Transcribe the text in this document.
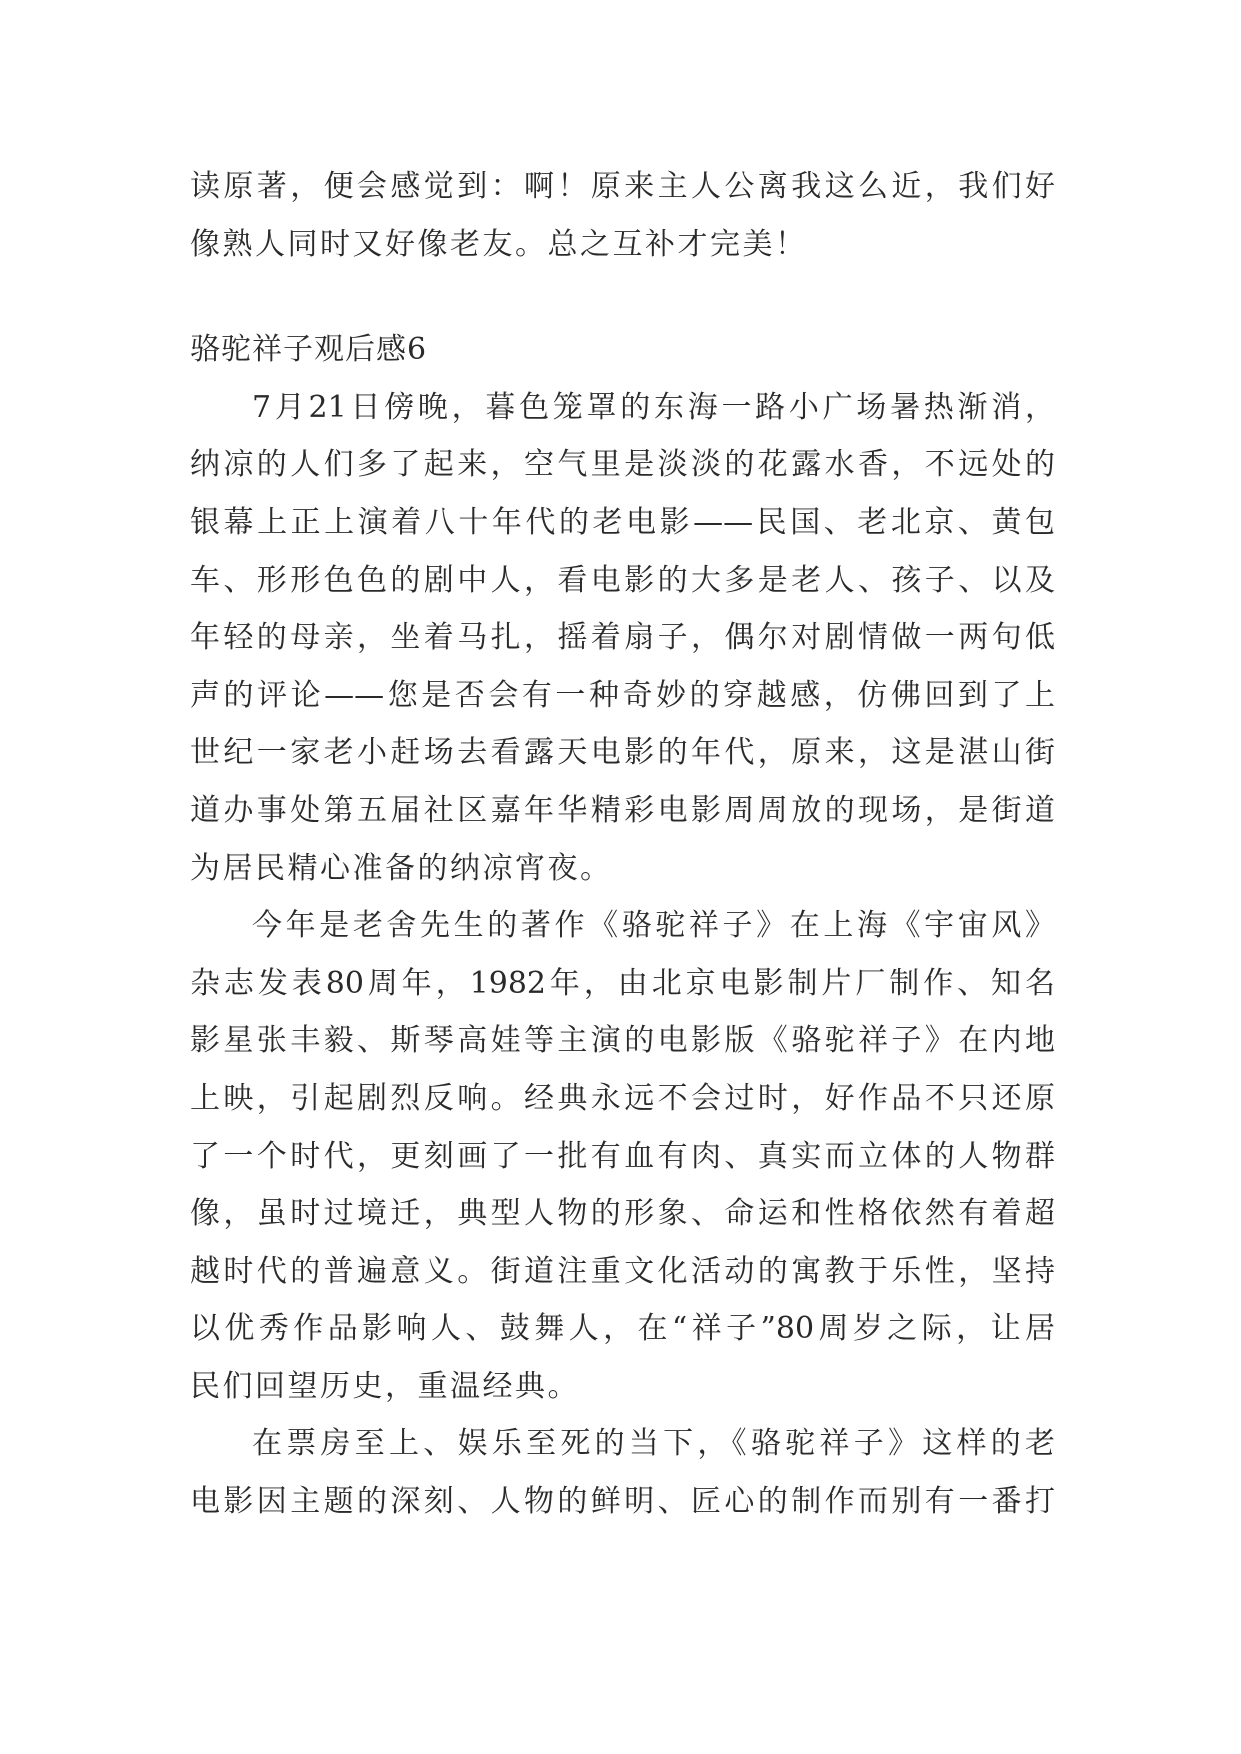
读原著，便会感觉到：啊！原来主人公离我这么近，我们好
像熟人同时又好像老友。总之互补才完美！
骆驼祥子观后感6
7月21日傍晚，暮色笼罩的东海一路小广场暑热渐消，
纳凉的人们多了起来，空气里是淡淡的花露水香，不远处的
银幕上正上演着八十年代的老电影——民国、老北京、黄包
车、形形色色的剧中人，看电影的大多是老人、孩子、以及
年轻的母亲，坐着马扎，摇着扇子，偶尔对剧情做一两句低
声的评论——您是否会有一种奇妙的穿越感，仿佛回到了上
世纪一家老小赶场去看露天电影的年代，原来，这是湛山街
道办事处第五届社区嘉年华精彩电影周周放的现场，是街道
为居民精心准备的纳凉宵夜。
今年是老舍先生的著作《骆驼祥子》在上海《宇宙风》
杂志发表80周年，1982年，由北京电影制片厂制作、知名
影星张丰毅、斯琴高娃等主演的电影版《骆驼祥子》在内地
上映，引起剧烈反响。经典永远不会过时，好作品不只还原
了一个时代，更刻画了一批有血有肉、真实而立体的人物群
像，虽时过境迁，典型人物的形象、命运和性格依然有着超
越时代的普遍意义。街道注重文化活动的寓教于乐性，坚持
以优秀作品影响人、鼓舞人，在“祥子”80周岁之际，让居
民们回望历史，重温经典。
在票房至上、娱乐至死的当下，《骆驼祥子》这样的老
电影因主题的深刻、人物的鲜明、匠心的制作而别有一番打
